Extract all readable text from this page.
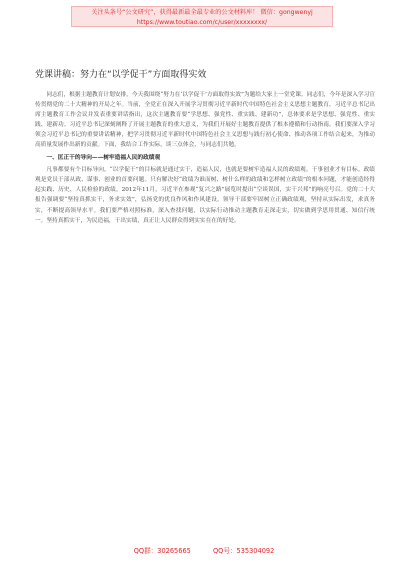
关注头条号“公文研究”，获得最新最全最专业的公文材料库！ 微信：gongwenyj
https://www.toutiao.com/c/user/xxxxxxxx/
党课讲稿：努力在“以学促干”方面取得实效

同志们，根据主题教育计划安排，今天我围绕“努力在‘以学促干’方面取得实效”为题给大家上一堂党课。同志们，今年是深入学习宣传贯彻党的二十大精神的开局之年。当前，全党正在深入开展学习贯彻习近平新时代中国特色社会主义思想主题教育，习近平总书记出席主题教育工作会议并发表重要讲话指出，这次主题教育要“学思想、强党性、重实践、建新功”，总体要求是学思想、强党性、重实践、建新功。习近平总书记深刻阐释了开展主题教育的重大意义，为我们开展好主题教育提供了根本遵循和行动指南。我们要深入学习领会习近平总书记的重要讲话精神，把学习贯彻习近平新时代中国特色社会主义思想与践行初心使命、推动各项工作结合起来，为推动高质量发展作出新的贡献。下面，我结合工作实际，谈三点体会，与同志们共勉。

一、匡正干的导向——树牢造福人民的政绩观

凡事都要有个目标导向，“以学促干”的目标就是通过实干，造福人民，也就是要树牢造福人民的政绩观。干事创业才有目标。政绩观是党员干部从政、谋事、创业的首要问题。只有解决好“政绩为谁而树、树什么样的政绩和怎样树立政绩”的根本问题，才能创造经得起实践、历史、人民检验的政绩。2012年11月，习近平在参观“复兴之路”展览时提出“空谈误国，实干兴邦”的响亮号召。党的二十大报告强调要“坚持真抓实干，务求实效”，弘扬党的优良作风和作风建设。领导干部要牢固树立正确政绩观，坚持从实际出发，求真务实，不断提高领导水平。我们要严格对照标准，深入查找问题，以实际行动推动主题教育走深走实，切实做到学思用贯通、知信行统一。坚持真抓实干，为民造福，干出实绩，真正让人民群众得到实实在在的好处。

QQ群：30265665	QQ号：535304092
